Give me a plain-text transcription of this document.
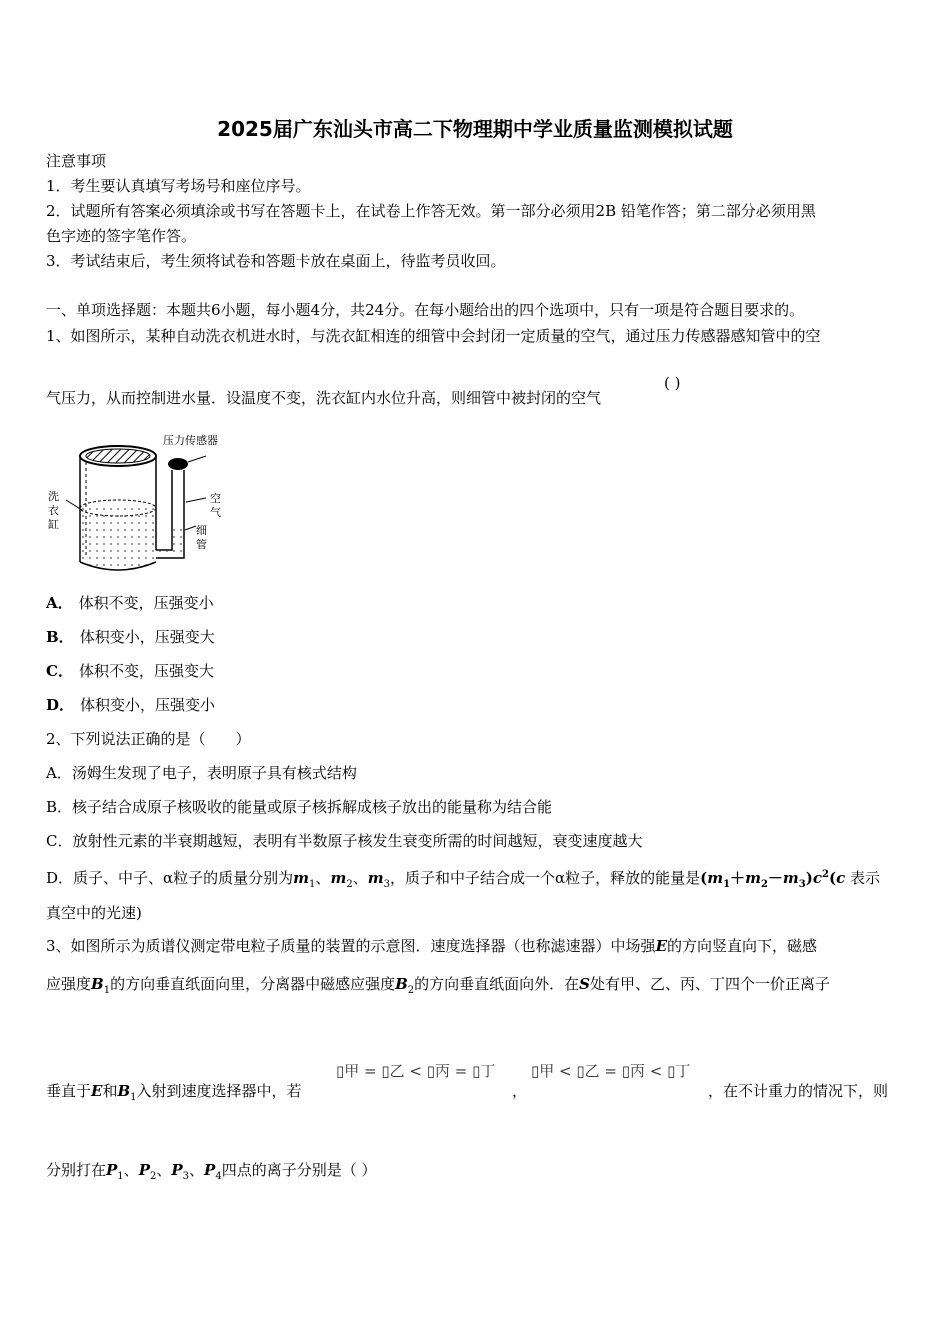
2025届广东汕头市高二下物理期中学业质量监测模拟试题
注意事项
1．考生要认真填写考场号和座位序号。
2．试题所有答案必须填涂或书写在答题卡上，在试卷上作答无效。第一部分必须用2B 铅笔作答；第二部分必须用黑
色字迹的签字笔作答。
3．考试结束后，考生须将试卷和答题卡放在桌面上，待监考员收回。
一、单项选择题：本题共6小题，每小题4分，共24分。在每小题给出的四个选项中，只有一项是符合题目要求的。
1、如图所示，某种自动洗衣机进水时，与洗衣缸相连的细管中会封闭一定质量的空气，通过压力传感器感知管中的空
气压力，从而控制进水量．设温度不变，洗衣缸内水位升高，则细管中被封闭的空气
( )
压力传感器
洗
衣
缸
空
气
细
管
A． 体积不变，压强变小
B． 体积变小，压强变大
C． 体积不变，压强变大
D． 体积变小，压强变小
2、下列说法正确的是（　　）
A．汤姆生发现了电子，表明原子具有核式结构
B．核子结合成原子核吸收的能量或原子核拆解成核子放出的能量称为结合能
C．放射性元素的半衰期越短，表明有半数原子核发生衰变所需的时间越短，衰变速度越大
D．质子、中子、α粒子的质量分别为$m_1$、$m_2$、$m_3$，质子和中子结合成一个α粒子，释放的能量是$(m_1+m_2-m_3)c^2(c$ 表示
真空中的光速)
3、如图所示为质谱仪测定带电粒子质量的装置的示意图．速度选择器（也称滤速器）中场强E的方向竖直向下，磁感
应强度$B_1$的方向垂直纸面向里，分离器中磁感应强度$B_2$的方向垂直纸面向外．在S处有甲、乙、丙、丁四个一价正离子
▯甲 = ▯乙 < ▯丙 = ▯丁 ▯甲 < ▯乙 = ▯丙 < ▯丁
垂直于E和$B_1$入射到速度选择器中，若	，	，在不计重力的情况下，则
分别打在$P_1$、$P_2$、$P_3$、$P_4$四点的离子分别是（ ）
